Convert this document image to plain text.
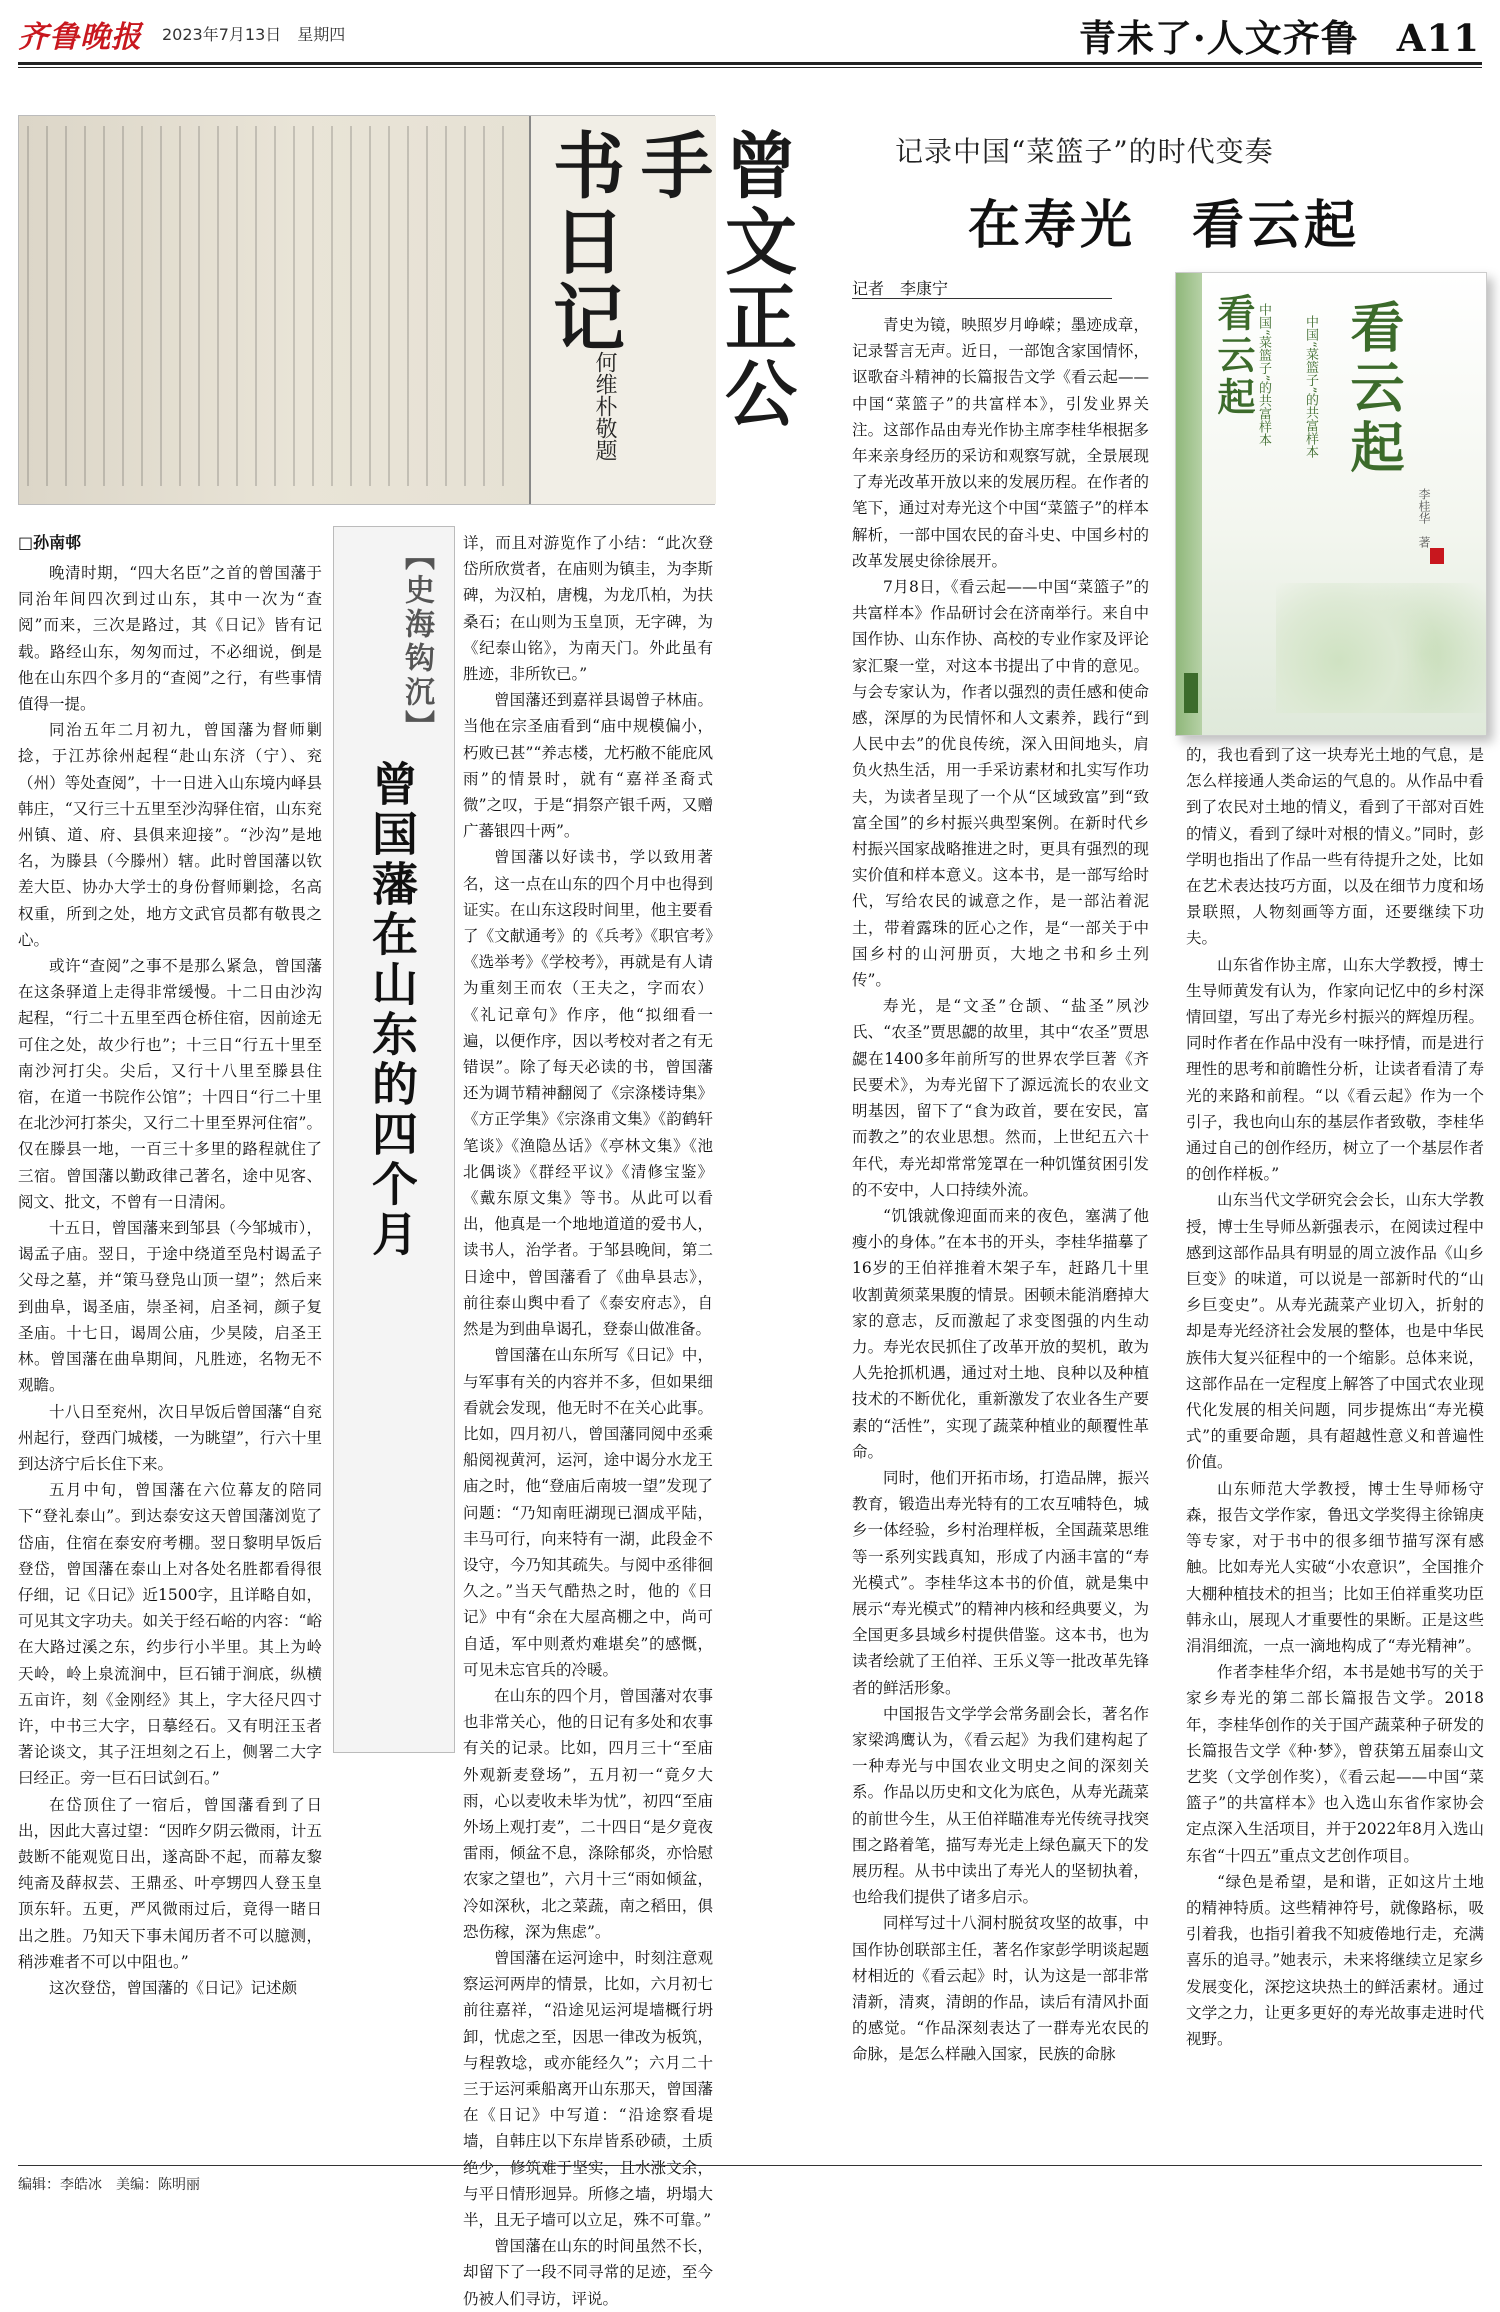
齐鲁晚报 2023年7月13日　星期四	青未了·人文齐鲁　A11
曾文正公手
书日记
何维朴敬题
□孙南邨	【史海钩沉】
曾国藩在山东的四个月

晚清时期，“四大名臣”之首的曾国藩于同治年间四次到过山东，其中一次为“查阅”而来，三次是路过，其《日记》皆有记载。路经山东，匆匆而过，不必细说，倒是他在山东四个多月的“查阅”之行，有些事情值得一提。

同治五年二月初九，曾国藩为督师剿捻，于江苏徐州起程“赴山东济（宁）、兖（州）等处查阅”，十一日进入山东境内峄县韩庄，“又行三十五里至沙沟驿住宿，山东兖州镇、道、府、县俱来迎接”。“沙沟”是地名，为滕县（今滕州）辖。此时曾国藩以钦差大臣、协办大学士的身份督师剿捻，名高权重，所到之处，地方文武官员都有敬畏之心。

或许“查阅”之事不是那么紧急，曾国藩在这条驿道上走得非常缓慢。十二日由沙沟起程，“行二十五里至西仓桥住宿，因前途无可住之处，故少行也”；十三日“行五十里至南沙河打尖。尖后，又行十八里至滕县住宿，在道一书院作公馆”；十四日“行二十里在北沙河打茶尖，又行二十里至界河住宿”。仅在滕县一地，一百三十多里的路程就住了三宿。曾国藩以勤政律己著名，途中见客、阅文、批文，不曾有一日清闲。

十五日，曾国藩来到邹县（今邹城市），谒孟子庙。翌日，于途中绕道至凫村谒孟子父母之墓，并“策马登凫山顶一望”；然后来到曲阜，谒圣庙，崇圣祠，启圣祠，颜子复圣庙。十七日，谒周公庙，少昊陵，启圣王林。曾国藩在曲阜期间，凡胜迹，名物无不观瞻。

十八日至兖州，次日早饭后曾国藩“自兖州起行，登西门城楼，一为眺望”，行六十里到达济宁后长住下来。

五月中旬，曾国藩在六位幕友的陪同下“登礼泰山”。到达泰安这天曾国藩浏览了岱庙，住宿在泰安府考棚。翌日黎明早饭后登岱，曾国藩在泰山上对各处名胜都看得很仔细，记《日记》近1500字，且详略自如，可见其文字功夫。如关于经石峪的内容：“峪在大路过溪之东，约步行小半里。其上为岭天岭，岭上泉流涧中，巨石铺于涧底，纵横五亩许，刻《金刚经》其上，字大径尺四寸许，中书三大字，日摹经石。又有明汪玉者著论谈文，其子汪坦刻之石上，侧署二大字曰经正。旁一巨石曰试剑石。”

在岱顶住了一宿后，曾国藩看到了日出，因此大喜过望：“因昨夕阴云微雨，计五鼓断不能观览日出，遂高卧不起，而幕友黎纯斋及薛叔芸、王鼎丞、叶亭甥四人登玉皇顶东轩。五更，严风微雨过后，竟得一睹日出之胜。乃知天下事未闻历者不可以臆测，稍涉难者不可以中阻也。”

这次登岱，曾国藩的《日记》记述颇

详，而且对游览作了小结：“此次登岱所欣赏者，在庙则为镇圭，为李斯碑，为汉柏，唐槐，为龙爪柏，为扶桑石；在山则为玉皇顶，无字碑，为《纪泰山铭》，为南天门。外此虽有胜迹，非所钦已。”

曾国藩还到嘉祥县谒曾子林庙。当他在宗圣庙看到“庙中规模偏小，朽败已甚”“养志楼，尤朽敝不能庇风雨”的情景时，就有“嘉祥圣裔式微”之叹，于是“捐祭产银千两，又赠广蕃银四十两”。

曾国藩以好读书，学以致用著名，这一点在山东的四个月中也得到证实。在山东这段时间里，他主要看了《文献通考》的《兵考》《职官考》《选举考》《学校考》，再就是有人请为重刻王而农（王夫之，字而农）《礼记章句》作序，他“拟细看一遍，以便作序，因以考校对者之有无错误”。除了每天必读的书，曾国藩还为调节精神翻阅了《宗涤楼诗集》《方正学集》《宗涤甫文集》《韵鹤轩笔谈》《渔隐丛话》《亭林文集》《池北偶谈》《群经平议》《清修宝鉴》《戴东原文集》等书。从此可以看出，他真是一个地地道道的爱书人，读书人，治学者。于邹县晚间，第二日途中，曾国藩看了《曲阜县志》，前往泰山舆中看了《泰安府志》，自然是为到曲阜谒孔，登泰山做准备。

曾国藩在山东所写《日记》中，与军事有关的内容并不多，但如果细看就会发现，他无时不在关心此事。比如，四月初八，曾国藩同阅中丞乘船阅视黄河，运河，途中谒分水龙王庙之时，他“登庙后南坡一望”发现了问题：“乃知南旺湖现已涸成平陆，丰马可行，向来特有一湖，此段金不设守，今乃知其疏失。与阅中丞徘徊久之。”当天气酷热之时，他的《日记》中有“余在大屋高棚之中，尚可自适，军中则煮灼难堪矣”的感慨，可见未忘官兵的冷暖。

在山东的四个月，曾国藩对农事也非常关心，他的日记有多处和农事有关的记录。比如，四月三十“至庙外观新麦登场”，五月初一“竟夕大雨，心以麦收未毕为忧”，初四“至庙外场上观打麦”，二十四日“是夕竟夜雷雨，倾盆不息，涤除郁炎，亦恰慰农家之望也”，六月十三“雨如倾盆，冷如深秋，北之菜蔬，南之稻田，俱恐伤稼，深为焦虑”。

曾国藩在运河途中，时刻注意观察运河两岸的情景，比如，六月初七前往嘉祥，“沿途见运河堤墙概行坍卸，忧虑之至，因思一律改为板筑，与程敦埝，或亦能经久”；六月二十三于运河乘船离开山东那天，曾国藩在《日记》中写道：“沿途察看堤墙，自韩庄以下东岸皆系砂碛，土质绝少，修筑难于坚实，且水涨文余，与平日情形迥异。所修之墙，坍塌大半，且无子墙可以立足，殊不可靠。”

曾国藩在山东的时间虽然不长，却留下了一段不同寻常的足迹，至今仍被人们寻访，评说。

记录中国“菜篮子”的时代变奏
在寿光　看云起
记者　李康宁
看云起 中国“菜篮子”的共富样本 中国“菜篮子”的共富样本 看云起
李桂华　著

青史为镜，映照岁月峥嵘；墨迹成章，记录誓言无声。近日，一部饱含家国情怀，讴歌奋斗精神的长篇报告文学《看云起——中国“菜篮子”的共富样本》，引发业界关注。这部作品由寿光作协主席李桂华根据多年来亲身经历的采访和观察写就，全景展现了寿光改革开放以来的发展历程。在作者的笔下，通过对寿光这个中国“菜篮子”的样本解析，一部中国农民的奋斗史、中国乡村的改革发展史徐徐展开。

7月8日，《看云起——中国“菜篮子”的共富样本》作品研讨会在济南举行。来自中国作协、山东作协、高校的专业作家及评论家汇聚一堂，对这本书提出了中肯的意见。与会专家认为，作者以强烈的责任感和使命感，深厚的为民情怀和人文素养，践行“到人民中去”的优良传统，深入田间地头，肩负火热生活，用一手采访素材和扎实写作功夫，为读者呈现了一个从“区域致富”到“致富全国”的乡村振兴典型案例。在新时代乡村振兴国家战略推进之时，更具有强烈的现实价值和样本意义。这本书，是一部写给时代，写给农民的诚意之作，是一部沾着泥土，带着露珠的匠心之作，是“一部关于中国乡村的山河册页，大地之书和乡土列传”。

寿光，是“文圣”仓颉、“盐圣”夙沙氏、“农圣”贾思勰的故里，其中“农圣”贾思勰在1400多年前所写的世界农学巨著《齐民要术》，为寿光留下了源远流长的农业文明基因，留下了“食为政首，要在安民，富而教之”的农业思想。然而，上世纪五六十年代，寿光却常常笼罩在一种饥馑贫困引发的不安中，人口持续外流。

“饥饿就像迎面而来的夜色，塞满了他瘦小的身体。”在本书的开头，李桂华描摹了16岁的王伯祥推着木架子车，赶路几十里收割黄须菜果腹的情景。困顿未能消磨掉大家的意志，反而激起了求变图强的内生动力。寿光农民抓住了改革开放的契机，敢为人先抢抓机遇，通过对土地、良种以及种植技术的不断优化，重新激发了农业各生产要素的“活性”，实现了蔬菜种植业的颠覆性革命。

同时，他们开拓市场，打造品牌，振兴教育，锻造出寿光特有的工农互哺特色，城乡一体经验，乡村治理样板，全国蔬菜思维等一系列实践真知，形成了内涵丰富的“寿光模式”。李桂华这本书的价值，就是集中展示“寿光模式”的精神内核和经典要义，为全国更多县域乡村提供借鉴。这本书，也为读者绘就了王伯祥、王乐义等一批改革先锋者的鲜活形象。

中国报告文学学会常务副会长，著名作家梁鸿鹰认为，《看云起》为我们建构起了一种寿光与中国农业文明史之间的深刻关系。作品以历史和文化为底色，从寿光蔬菜的前世今生，从王伯祥瞄准寿光传统寻找突围之路着笔，描写寿光走上绿色赢天下的发展历程。从书中读出了寿光人的坚韧执着，也给我们提供了诸多启示。

同样写过十八洞村脱贫攻坚的故事，中国作协创联部主任，著名作家彭学明谈起题材相近的《看云起》时，认为这是一部非常清新，清爽，清朗的作品，读后有清风扑面的感觉。“作品深刻表达了一群寿光农民的命脉，是怎么样融入国家，民族的命脉

的，我也看到了这一块寿光土地的气息，是怎么样接通人类命运的气息的。从作品中看到了农民对土地的情义，看到了干部对百姓的情义，看到了绿叶对根的情义。”同时，彭学明也指出了作品一些有待提升之处，比如在艺术表达技巧方面，以及在细节力度和场景联照，人物刻画等方面，还要继续下功夫。

山东省作协主席，山东大学教授，博士生导师黄发有认为，作家向记忆中的乡村深情回望，写出了寿光乡村振兴的辉煌历程。同时作者在作品中没有一味抒情，而是进行理性的思考和前瞻性分析，让读者看清了寿光的来路和前程。“以《看云起》作为一个引子，我也向山东的基层作者致敬，李桂华通过自己的创作经历，树立了一个基层作者的创作样板。”

山东当代文学研究会会长，山东大学教授，博士生导师丛新强表示，在阅读过程中感到这部作品具有明显的周立波作品《山乡巨变》的味道，可以说是一部新时代的“山乡巨变史”。从寿光蔬菜产业切入，折射的却是寿光经济社会发展的整体，也是中华民族伟大复兴征程中的一个缩影。总体来说，这部作品在一定程度上解答了中国式农业现代化发展的相关问题，同步提炼出“寿光模式”的重要命题，具有超越性意义和普遍性价值。

山东师范大学教授，博士生导师杨守森，报告文学作家，鲁迅文学奖得主徐锦庚等专家，对于书中的很多细节描写深有感触。比如寿光人实破“小农意识”，全国推介大棚种植技术的担当；比如王伯祥重奖功臣韩永山，展现人才重要性的果断。正是这些涓涓细流，一点一滴地构成了“寿光精神”。

作者李桂华介绍，本书是她书写的关于家乡寿光的第二部长篇报告文学。2018年，李桂华创作的关于国产蔬菜种子研发的长篇报告文学《种·梦》，曾获第五届泰山文艺奖（文学创作奖），《看云起——中国“菜篮子”的共富样本》也入选山东省作家协会定点深入生活项目，并于2022年8月入选山东省“十四五”重点文艺创作项目。

“绿色是希望，是和谐，正如这片土地的精神特质。这些精神符号，就像路标，吸引着我，也指引着我不知疲倦地行走，充满喜乐的追寻。”她表示，未来将继续立足家乡发展变化，深挖这块热土的鲜活素材。通过文学之力，让更多更好的寿光故事走进时代视野。

编辑：李皓冰　美编：陈明丽
